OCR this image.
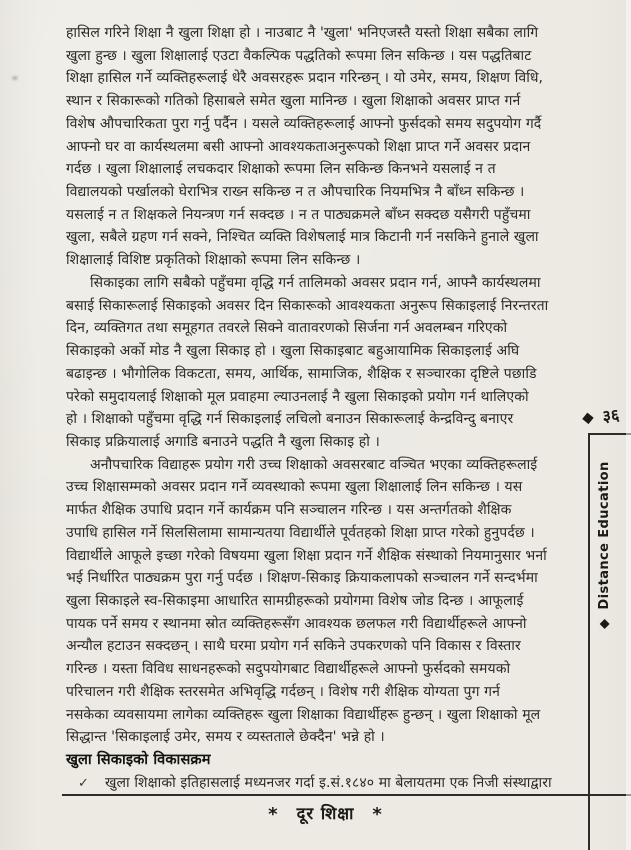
हासिल गरिने शिक्षा नै खुला शिक्षा हो । नाउबाट नै 'खुला' भनिएजस्तै यस्तो शिक्षा सबैका लागि
खुला हुन्छ । खुला शिक्षालाई एउटा वैकल्पिक पद्धतिको रूपमा लिन सकिन्छ । यस पद्धतिबाट
शिक्षा हासिल गर्ने व्यक्तिहरूलाई धेरै अवसरहरू प्रदान गरिन्छन् । यो उमेर, समय, शिक्षण विधि,
स्थान र सिकारूको गतिको हिसाबले समेत खुला मानिन्छ । खुला शिक्षाको अवसर प्राप्त गर्न
विशेष औपचारिकता पुरा गर्नु पर्दैन । यसले व्यक्तिहरूलाई आफ्नो फुर्सदको समय सदुपयोग गर्दै
आफ्नो घर वा कार्यस्थलमा बसी आफ्नो आवश्यकताअनुरूपको शिक्षा प्राप्त गर्ने अवसर प्रदान
गर्दछ । खुला शिक्षालाई लचकदार शिक्षाको रूपमा लिन सकिन्छ किनभने यसलाई न त
विद्यालयको पर्खालको घेराभित्र राख्न सकिन्छ न त औपचारिक नियमभित्र नै बाँध्न सकिन्छ ।
यसलाई न त शिक्षकले नियन्त्रण गर्न सक्दछ । न त पाठ्यक्रमले बाँध्न सक्दछ यसैगरी पहुँचमा
खुला, सबैले ग्रहण गर्न सक्ने, निश्चित व्यक्ति विशेषलाई मात्र किटानी गर्न नसकिने हुनाले खुला
शिक्षालाई विशिष्ट प्रकृतिको शिक्षाको रूपमा लिन सकिन्छ ।
सिकाइका लागि सबैको पहुँचमा वृद्धि गर्न तालिमको अवसर प्रदान गर्न, आफ्नै कार्यस्थलमा
बसाई सिकारूलाई सिकाइको अवसर दिन सिकारूको आवश्यकता अनुरूप सिकाइलाई निरन्तरता
दिन, व्यक्तिगत तथा समूहगत तवरले सिक्ने वातावरणको सिर्जना गर्न अवलम्बन गरिएको
सिकाइको अर्को मोड नै खुला सिकाइ हो । खुला सिकाइबाट बहुआयामिक सिकाइलाई अघि
बढाइन्छ । भौगोलिक विकटता, समय, आर्थिक, सामाजिक, शैक्षिक र सञ्चारका दृष्टिले पछाडि
परेको समुदायलाई शिक्षाको मूल प्रवाहमा ल्याउनलाई नै खुला सिकाइको प्रयोग गर्न थालिएको
हो । शिक्षाको पहुँचमा वृद्धि गर्न सिकाइलाई लचिलो बनाउन सिकारूलाई केन्द्रविन्दु बनाएर
सिकाइ प्रक्रियालाई अगाडि बनाउने पद्धति नै खुला सिकाइ हो ।
अनौपचारिक विद्याहरू प्रयोग गरी उच्च शिक्षाको अवसरबाट वञ्चित भएका व्यक्तिहरूलाई
उच्च शिक्षासम्मको अवसर प्रदान गर्ने व्यवस्थाको रूपमा खुला शिक्षालाई लिन सकिन्छ । यस
मार्फत शैक्षिक उपाधि प्रदान गर्ने कार्यक्रम पनि सञ्चालन गरिन्छ । यस अन्तर्गतको शैक्षिक
उपाधि हासिल गर्ने सिलसिलामा सामान्यतया विद्यार्थीले पूर्वतहको शिक्षा प्राप्त गरेको हुनुपर्दछ ।
विद्यार्थीले आफूले इच्छा गरेको विषयमा खुला शिक्षा प्रदान गर्ने शैक्षिक संस्थाको नियमानुसार भर्ना
भई निर्धारित पाठ्यक्रम पुरा गर्नु पर्दछ । शिक्षण-सिकाइ क्रियाकलापको सञ्चालन गर्ने सन्दर्भमा
खुला सिकाइले स्व-सिकाइमा आधारित सामग्रीहरूको प्रयोगमा विशेष जोड दिन्छ । आफूलाई
पायक पर्ने समय र स्थानमा स्रोत व्यक्तिहरूसँग आवश्यक छलफल गरी विद्यार्थीहरूले आफ्नो
अन्यौल हटाउन सक्दछन् । साथै घरमा प्रयोग गर्न सकिने उपकरणको पनि विकास र विस्तार
गरिन्छ । यस्ता विविध साधनहरूको सदुपयोगबाट विद्यार्थीहरूले आफ्नो फुर्सदको समयको
परिचालन गरी शैक्षिक स्तरसमेत अभिवृद्धि गर्दछन् । विशेष गरी शैक्षिक योग्यता पुग गर्न
नसकेका व्यवसायमा लागेका व्यक्तिहरू खुला शिक्षाका विद्यार्थीहरू हुन्छन् । खुला शिक्षाको मूल
सिद्धान्त 'सिकाइलाई उमेर, समय र व्यस्तताले छेक्दैन' भन्ने हो ।
खुला सिकाइको विकासक्रम
✓ खुला शिक्षाको इतिहासलाई मध्यनजर गर्दा इ.सं.१८४० मा बेलायतमा एक निजी संस्थाद्वारा
* दूर शिक्षा *
◆Distance Education
◆ ३६
